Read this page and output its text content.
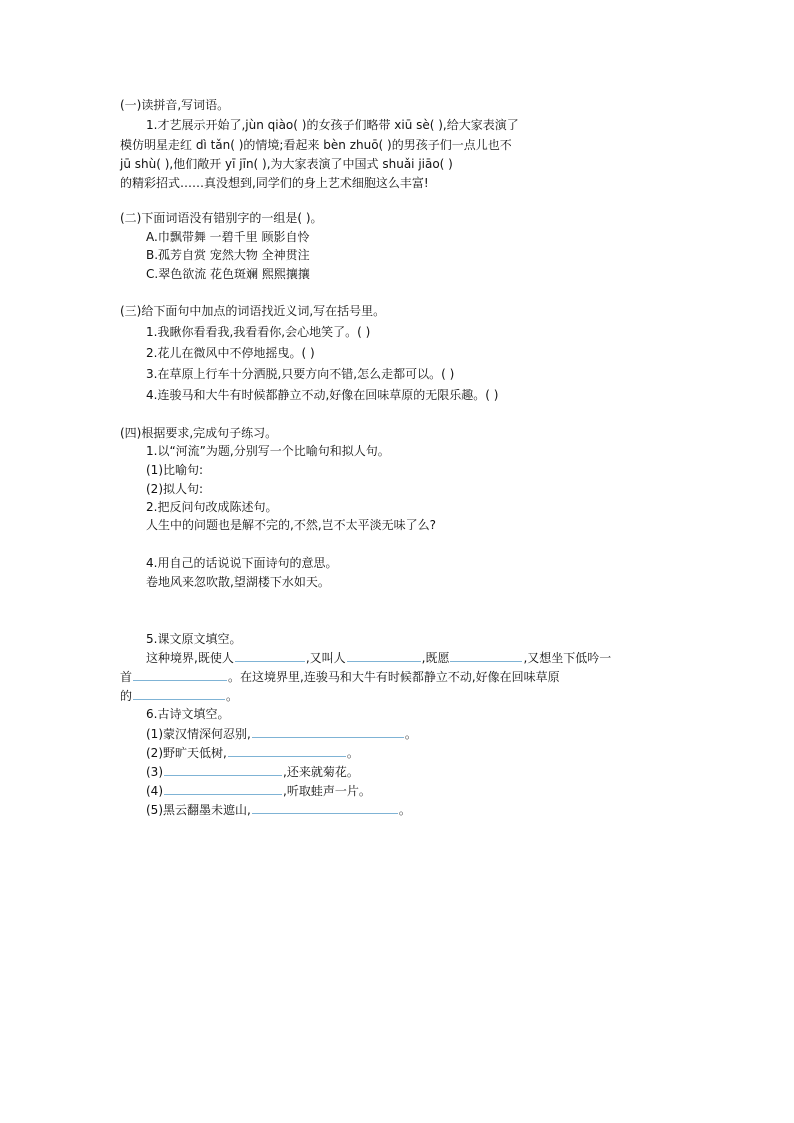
(一)读拼音,写词语。
1.才艺展示开始了,jùn qiào( )的女孩子们略带 xiū sè( ),给大家表演了
模仿明星走红 dì tǎn( )的情境;看起来 bèn zhuō( )的男孩子们一点儿也不
jū shù( ),他们敞开 yī jīn( ),为大家表演了中国式 shuǎi jiāo( )
的精彩招式……真没想到,同学们的身上艺术细胞这么丰富!
(二)下面词语没有错别字的一组是( )。
A.巾飘带舞 一碧千里 顾影自怜
B.孤芳自赏 宠然大物 全神贯注
C.翠色欲流 花色斑斓 熙熙攘攘
(三)给下面句中加点的词语找近义词,写在括号里。
1.我瞅你看看我,我看看你,会心地笑了。( )
2.花儿在微风中不停地摇曳。( )
3.在草原上行车十分洒脱,只要方向不错,怎么走都可以。( )
4.连骏马和大牛有时候都静立不动,好像在回味草原的无限乐趣。( )
(四)根据要求,完成句子练习。
1.以“河流”为题,分别写一个比喻句和拟人句。
(1)比喻句:
(2)拟人句:
2.把反问句改成陈述句。
人生中的问题也是解不完的,不然,岂不太平淡无味了么?
4.用自己的话说说下面诗句的意思。
卷地风来忽吹散,望湖楼下水如天。
5.课文原文填空。
这种境界,既使人	,又叫人	,既愿	,又想坐下低吟一
首	。在这境界里,连骏马和大牛有时候都静立不动,好像在回味草原
的	。
6.古诗文填空。
(1)蒙汉情深何忍别,	。
(2)野旷天低树,	。
(3)	,还来就菊花。
(4)	,听取蛙声一片。
(5)黑云翻墨未遮山,	。
